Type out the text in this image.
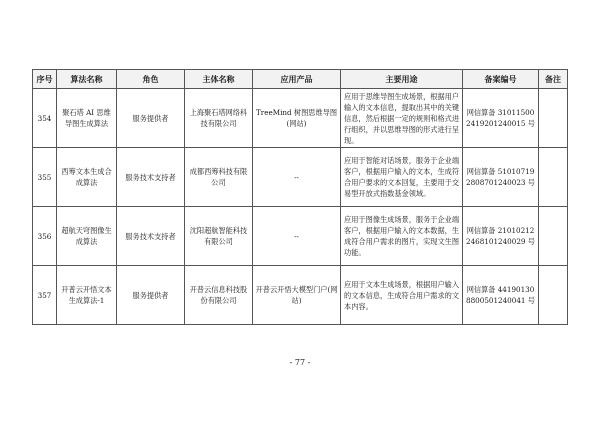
序号	算法名称	角色	主体名称	应用产品	主要用途	备案编号	备注
354	聚石塔 AI 思维导图生成算法	服务提供者	上海聚石塔网络科技有限公司	TreeMind 树图思维导图(网站)	应用于思维导图生成场景，根据用户输入的文本信息，提取出其中的关键信息，然后根据一定的规则和格式进行组织，并以思维导图的形式进行呈现。	网信算备 310115002419201240015 号	
355	西筹文本生成合成算法	服务技术支持者	成都西筹科技有限公司	--	应用于智能对话场景，服务于企业端客户，根据用户输入的文本，生成符合用户要求的文本回复，主要用于交易型开放式指数基金领域。	网信算备 510107192808701240023 号	
356	超航天穹图像生成算法	服务技术支持者	沈阳超航智能科技有限公司	--	应用于图像生成场景，服务于企业端客户，根据用户输入的文本数据，生成符合用户需求的图片，实现文生图功能。	网信算备 210102122468101240029 号	
357	开普云开悟文本生成算法-1	服务提供者	开普云信息科技股份有限公司	开普云开悟大模型门户(网站)	应用于文本生成场景，根据用户输入的文本信息，生成符合用户需求的文本内容。	网信算备 441901308800501240041 号	
- 77 -
